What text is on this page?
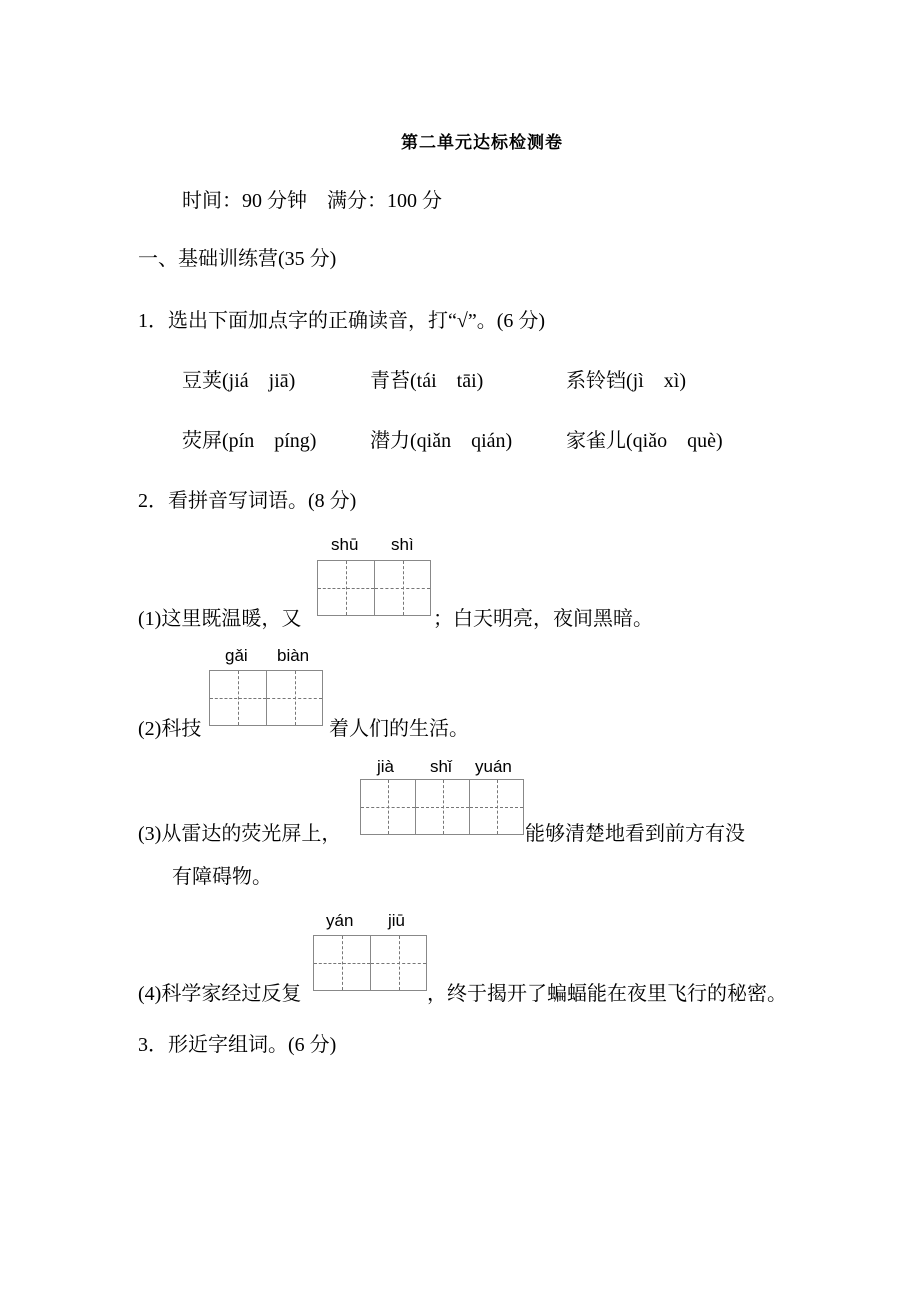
第二单元达标检测卷
时间：90 分钟　满分：100 分
一、基础训练营(35 分)
1．选出下面加点字的正确读音，打“√”。(6 分)
豆荚(jiá　jiā)	青苔(tái　tāi)	系铃铛(jì　xì)
荧屏(pín　píng)	潜力(qiǎn　qián)	家雀儿(qiǎo　què)
2．看拼音写词语。(8 分)
shū shì
(1)这里既温暖，又	；白天明亮，夜间黑暗。
gǎi biàn
(2)科技	着人们的生活。
jià shǐ yuán
(3)从雷达的荧光屏上，	能够清楚地看到前方有没
有障碍物。
yán jiū
(4)科学家经过反复	，终于揭开了蝙蝠能在夜里飞行的秘密。
3．形近字组词。(6 分)
